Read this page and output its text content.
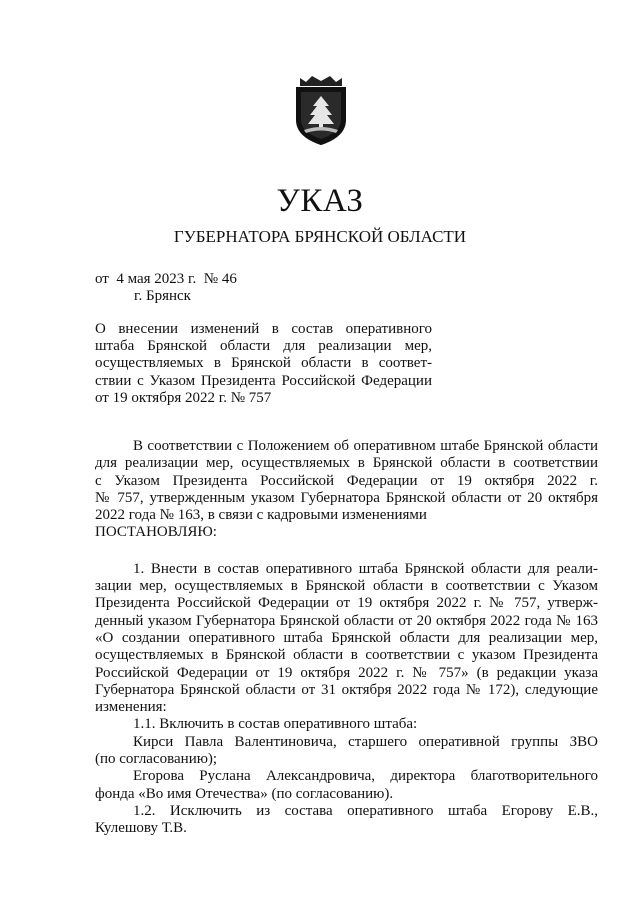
УКАЗ
ГУБЕРНАТОРА БРЯНСКОЙ ОБЛАСТИ
от 4 мая 2023 г. № 46
г. Брянск
О внесении изменений в состав оперативного
штаба Брянской области для реализации мер,
осуществляемых в Брянской области в соответ-
ствии с Указом Президента Российской Федерации
от 19 октября 2022 г. № 757
В соответствии с Положением об оперативном штабе Брянской области
для реализации мер, осуществляемых в Брянской области в соответствии
с Указом Президента Российской Федерации от 19 октября 2022 г.
№ 757, утвержденным указом Губернатора Брянской области от 20 октября
2022 года № 163, в связи с кадровыми изменениями
ПОСТАНОВЛЯЮ:
1. Внести в состав оперативного штаба Брянской области для реали-
зации мер, осуществляемых в Брянской области в соответствии с Указом
Президента Российской Федерации от 19 октября 2022 г. № 757, утверж-
денный указом Губернатора Брянской области от 20 октября 2022 года № 163
«О создании оперативного штаба Брянской области для реализации мер,
осуществляемых в Брянской области в соответствии с указом Президента
Российской Федерации от 19 октября 2022 г. № 757» (в редакции указа
Губернатора Брянской области от 31 октября 2022 года № 172), следующие
изменения:
1.1. Включить в состав оперативного штаба:
Кирси Павла Валентиновича, старшего оперативной группы ЗВО
(по согласованию);
Егорова Руслана Александровича, директора благотворительного
фонда «Во имя Отечества» (по согласованию).
1.2. Исключить из состава оперативного штаба Егорову Е.В.,
Кулешову Т.В.
